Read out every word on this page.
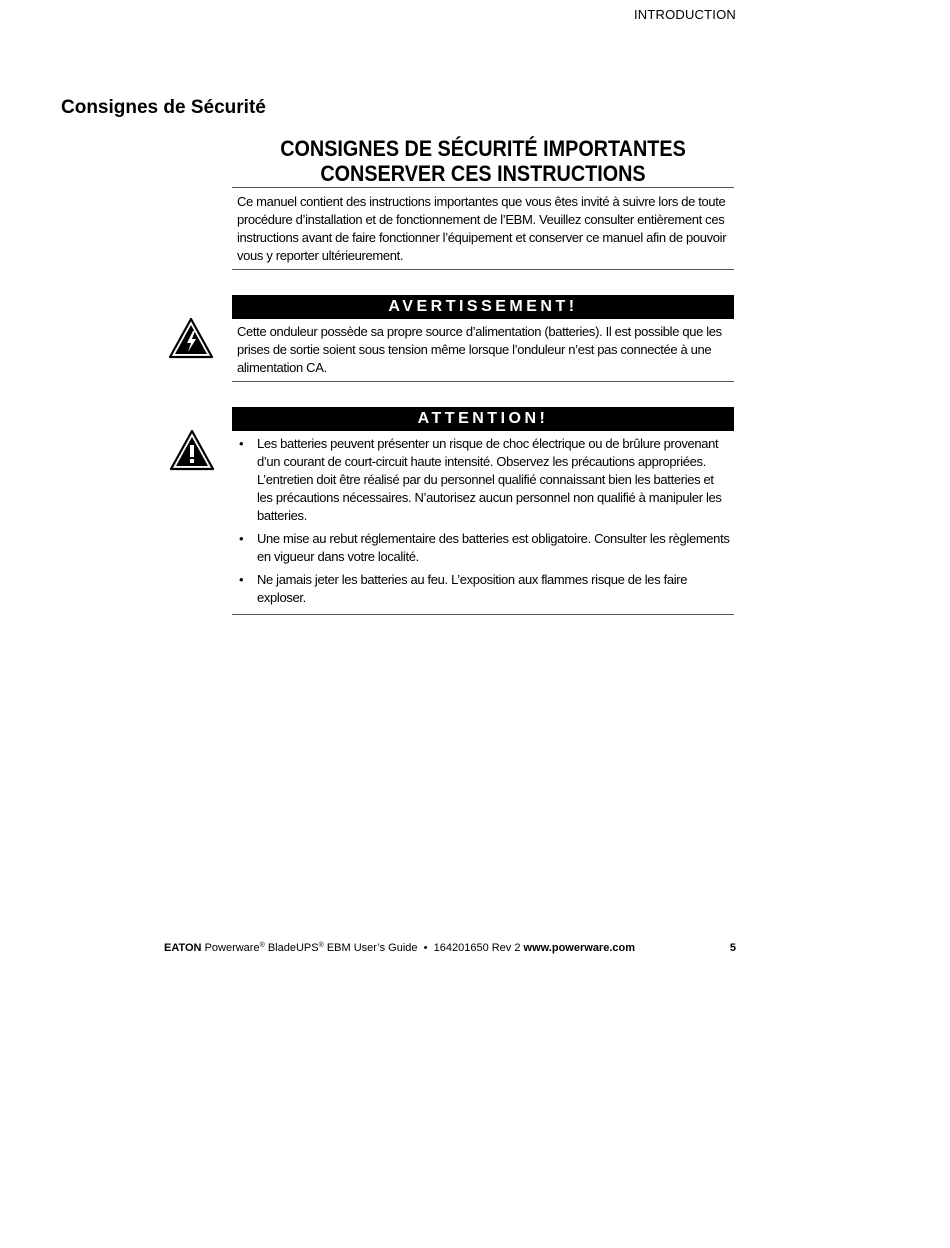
INTRODUCTION
Consignes de Sécurité
CONSIGNES DE SÉCURITÉ IMPORTANTES
CONSERVER CES INSTRUCTIONS

Ce manuel contient des instructions importantes que vous êtes invité à suivre lors de toute procédure d’installation et de fonctionnement de l’EBM. Veuillez consulter entièrement ces instructions avant de faire fonctionner l’équipement et conserver ce manuel afin de pouvoir vous y reporter ultérieurement.

AVERTISSEMENT!

Cette onduleur possède sa propre source d’alimentation (batteries). Il est possible que les prises de sortie soient sous tension même lorsque l’onduleur n’est pas connectée à une alimentation CA.

ATTENTION!
• Les batteries peuvent présenter un risque de choc électrique ou de brûlure provenant d’un courant de court-circuit haute intensité. Observez les précautions appropriées. L’entretien doit être réalisé par du personnel qualifié connaissant bien les batteries et les précautions nécessaires. N’autorisez aucun personnel non qualifié à manipuler les batteries.
• Une mise au rebut réglementaire des batteries est obligatoire. Consulter les règlements en vigueur dans votre localité.
• Ne jamais jeter les batteries au feu. L’exposition aux flammes risque de les faire exploser.
EATON Powerware® BladeUPS® EBM User’s Guide • 164201650 Rev 2 www.powerware.com	5
